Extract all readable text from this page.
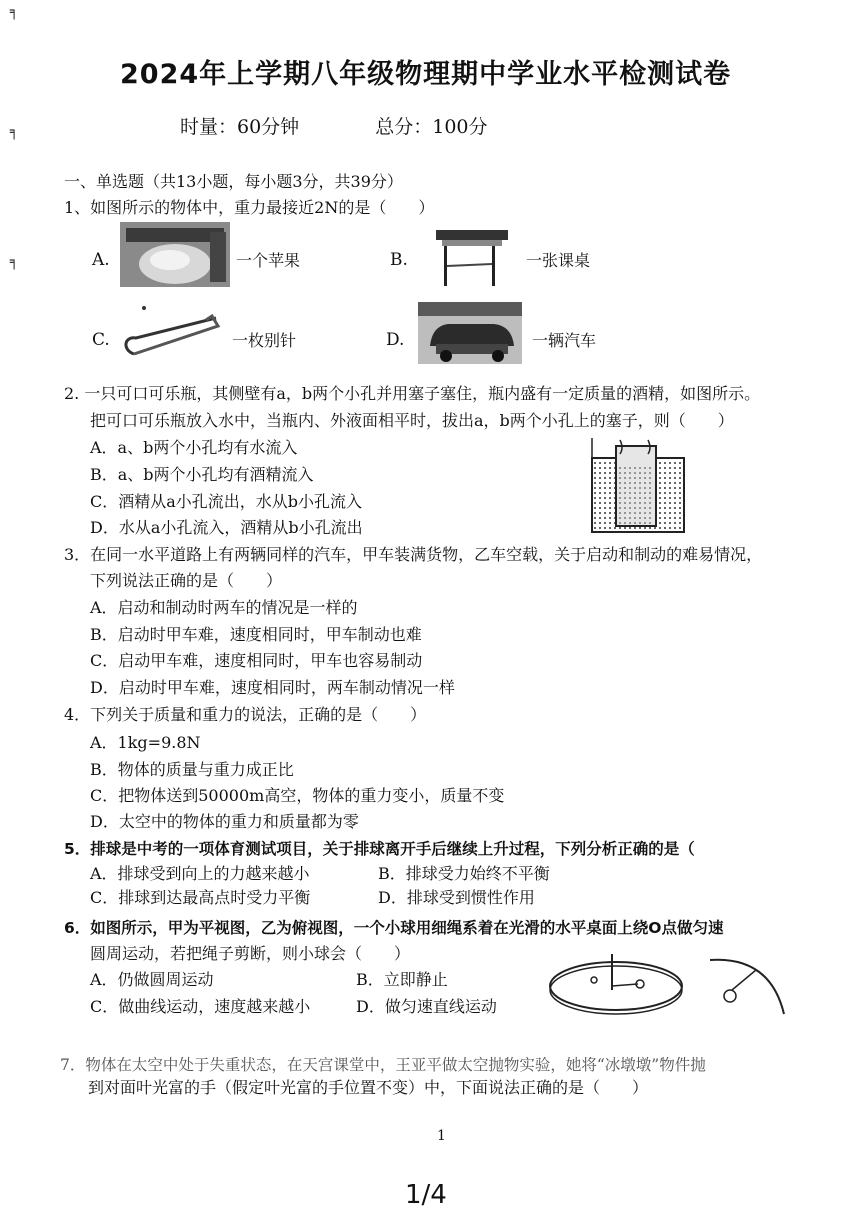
╕
╕
╕
2024年上学期八年级物理期中学业水平检测试卷
时量：60分钟	总分：100分
一、单选题（共13小题，每小题3分，共39分）
1、如图所示的物体中，重力最接近2N的是（　　）
A.	一个苹果	B.	一张课桌
C.	一枚别针	D.	一辆汽车
2. 一只可口可乐瓶，其侧壁有a，b两个小孔并用塞子塞住，瓶内盛有一定质量的酒精，如图所示。
把可口可乐瓶放入水中，当瓶内、外液面相平时，拔出a，b两个小孔上的塞子，则（　　）
A．a、b两个小孔均有水流入
B．a、b两个小孔均有酒精流入
C．酒精从a小孔流出，水从b小孔流入
D．水从a小孔流入，酒精从b小孔流出
3．在同一水平道路上有两辆同样的汽车，甲车装满货物，乙车空载，关于启动和制动的难易情况，
下列说法正确的是（　　）
A．启动和制动时两车的情况是一样的
B．启动时甲车难，速度相同时，甲车制动也难
C．启动甲车难，速度相同时，甲车也容易制动
D．启动时甲车难，速度相同时，两车制动情况一样
4．下列关于质量和重力的说法，正确的是（　　）
A．1kg=9.8N
B．物体的质量与重力成正比
C．把物体送到50000m高空，物体的重力变小，质量不变
D．太空中的物体的重力和质量都为零
5．排球是中考的一项体育测试项目，关于排球离开手后继续上升过程，下列分析正确的是（
A．排球受到向上的力越来越小	B．排球受力始终不平衡
C．排球到达最高点时受力平衡	D．排球受到惯性作用
6．如图所示，甲为平视图，乙为俯视图，一个小球用细绳系着在光滑的水平桌面上绕O点做匀速
圆周运动，若把绳子剪断，则小球会（　　）
A．仍做圆周运动	B．立即静止
C．做曲线运动，速度越来越小	D．做匀速直线运动
7．物体在太空中处于失重状态，在天宫课堂中，王亚平做太空抛物实验，她将“冰墩墩”物件抛
到对面叶光富的手（假定叶光富的手位置不变）中，下面说法正确的是（　　）
1
1/4
